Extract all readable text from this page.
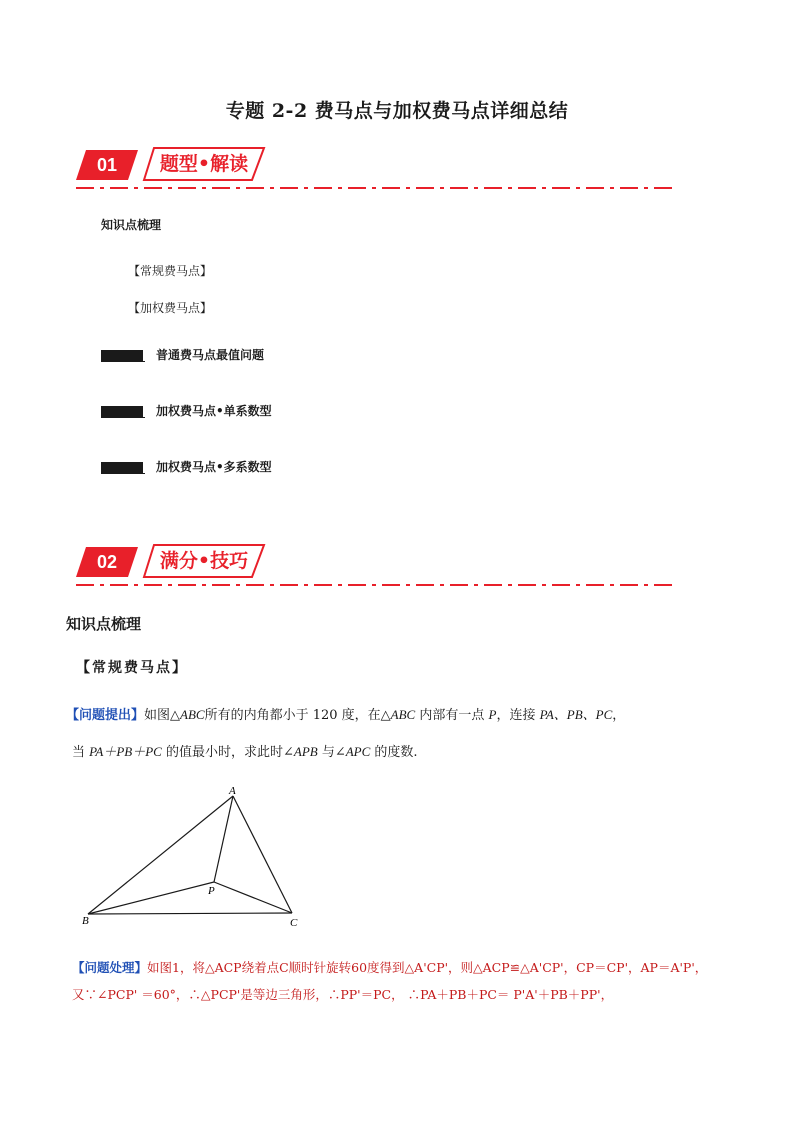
专题 2-2 费马点与加权费马点详细总结
01	题型•解读
知识点梳理
【常规费马点】
【加权费马点】
普通费马点最值问题
加权费马点•单系数型
加权费马点•多系数型
02	满分•技巧
知识点梳理
【常规费马点】
【问题提出】如图△ABC所有的内角都小于 120 度，在△ABC 内部有一点 P，连接 PA、PB、PC，
当 PA＋PB＋PC 的值最小时，求此时∠APB 与∠APC 的度数.
A
B	C
P
【问题处理】如图1，将△ACP绕着点C顺时针旋转60度得到△A'CP'，则△ACP≌△A'CP'，CP＝CP'，AP＝A'P'，
又∵∠PCP' ＝60°，∴△PCP'是等边三角形，∴PP'＝PC， ∴PA＋PB＋PC＝ P'A'＋PB＋PP'，
